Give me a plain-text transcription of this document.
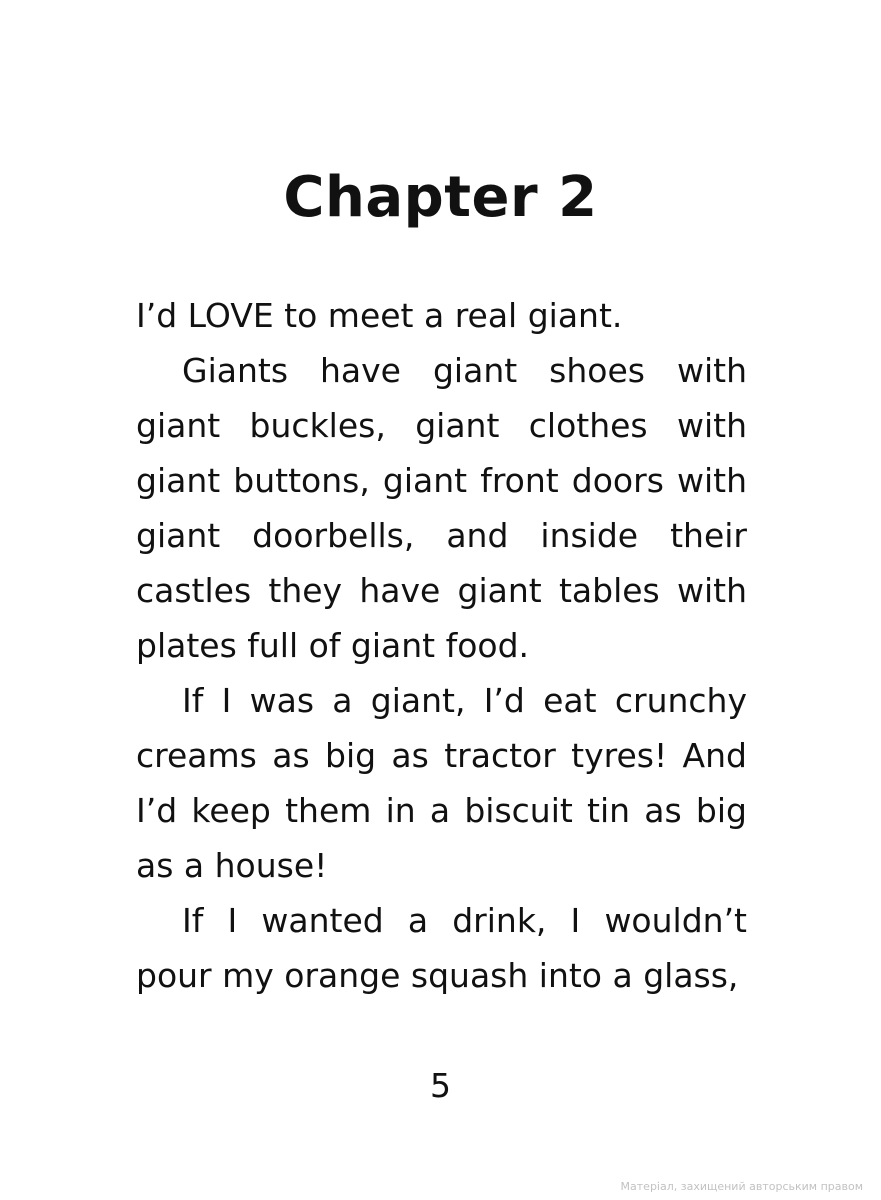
Chapter 2

I’d LOVE to meet a real giant.

Giants have giant shoes with giant buckles, giant clothes with giant buttons, giant front doors with giant doorbells, and inside their castles they have giant tables with plates full of giant food.

If I was a giant, I’d eat crunchy creams as big as tractor tyres! And I’d keep them in a biscuit tin as big as a house!

If I wanted a drink, I wouldn’t pour my orange squash into a glass,

5
Матеріал, захищений авторським правом
